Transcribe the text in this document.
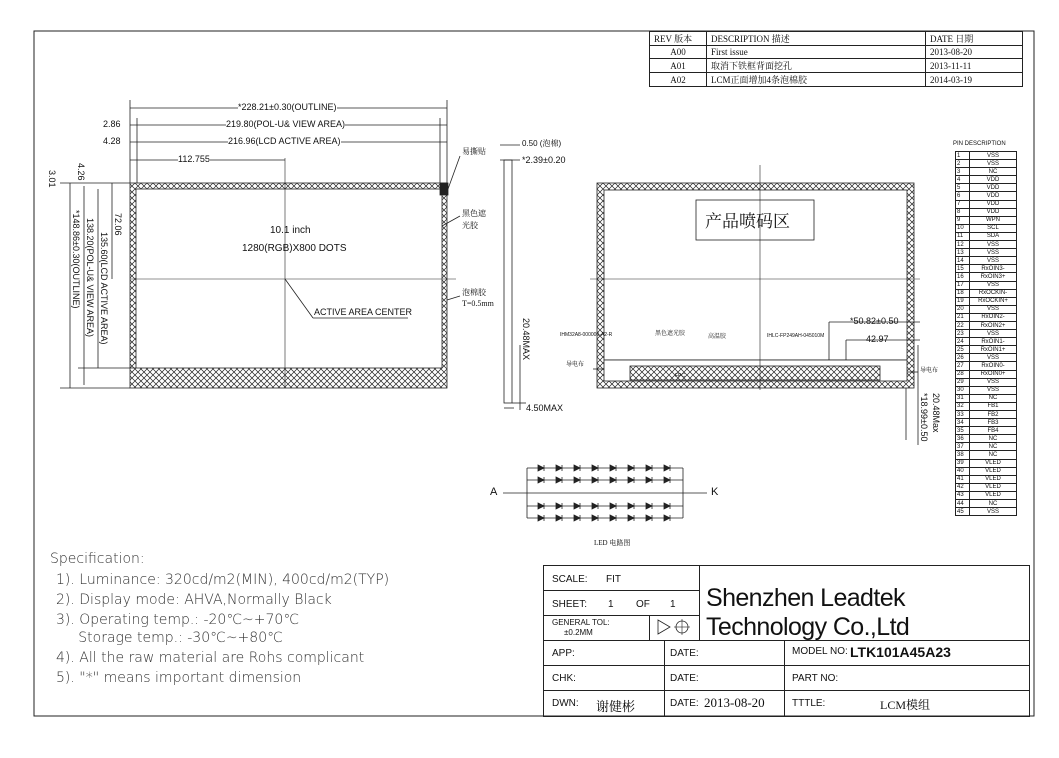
REV 版本	DESCRIPTION 描述	DATE 日期
A00	First issue	2013-08-20
A01	取消下铁框背面挖孔	2013-11-11
A02	LCM正面增加4条泡棉胶	2014-03-19
*228.21±0.30(OUTLINE)
219.80(POL-U& VIEW AREA)
216.96(LCD ACTIVE AREA)
112.755
2.86
4.28
3.01 4.26
72.06
135.60(LCD ACTIVE AREA)
138.20(POL-U& VIEW AREA)
*148.86±0.30(OUTLINE)	10.1 inch
1280(RGB)X800 DOTS
ACTIVE AREA CENTER
易撕贴
黑色遮
光胶
泡棉胶
T=0.5mm
0.50 (泡棉)
*2.39±0.20
20.48MAX
4.50MAX
产品喷码区
*50.82±0.50
42.97
20.48Max
*18.99±0.50
FPC
导电布
导电布
IHM32A8-000000-A2-R	黑色遮光胶	高温胶	IHLC-FP249AH-045010M
PIN DESCRIPTION
1	VSS
2	VSS
3	NC
4	VDD
5	VDD
6	VDD
7	VDD
8	VDD
9	WPN
10	SCL
11	SDA
12	VSS
13	VSS
14	VSS
15	RxOIN3-
16	RxOIN3+
17	VSS
18	RxOCKIN-
19	RxOCKIN+
20	VSS
21	RxOIN2-
22	RxOIN2+
23	VSS
24	RxOIN1-
25	RxOIN1+
26	VSS
27	RxOIN0-
28	RxOIN0+
29	VSS
30	VSS
31	NC
32	FB1
33	FB2
34	FB3
35	FB4
36	NC
37	NC
38	NC
39	VLED
40	VLED
41	VLED
42	VLED
43	VLED
44	NC
45	VSS
A	K
LED 电路图
Specification:
1). Luminance: 320cd/m2(MIN), 400cd/m2(TYP)
2). Display mode: AHVA,Normally Black
3). Operating temp.: -20℃~+70℃
Storage temp.: -30℃~+80℃
4). All the raw material are Rohs complicant
5). "*" means important dimension
SCALE: FIT
SHEET: 1 OF 1
GENERAL TOL:
±0.2MM
Shenzhen Leadtek Technology Co.,Ltd
APP:	DATE:	MODEL NO: LTK101A45A23
CHK:	DATE:	PART NO:
DWN: 谢健彬	DATE: 2013-08-20	TTTLE:	LCM模组
